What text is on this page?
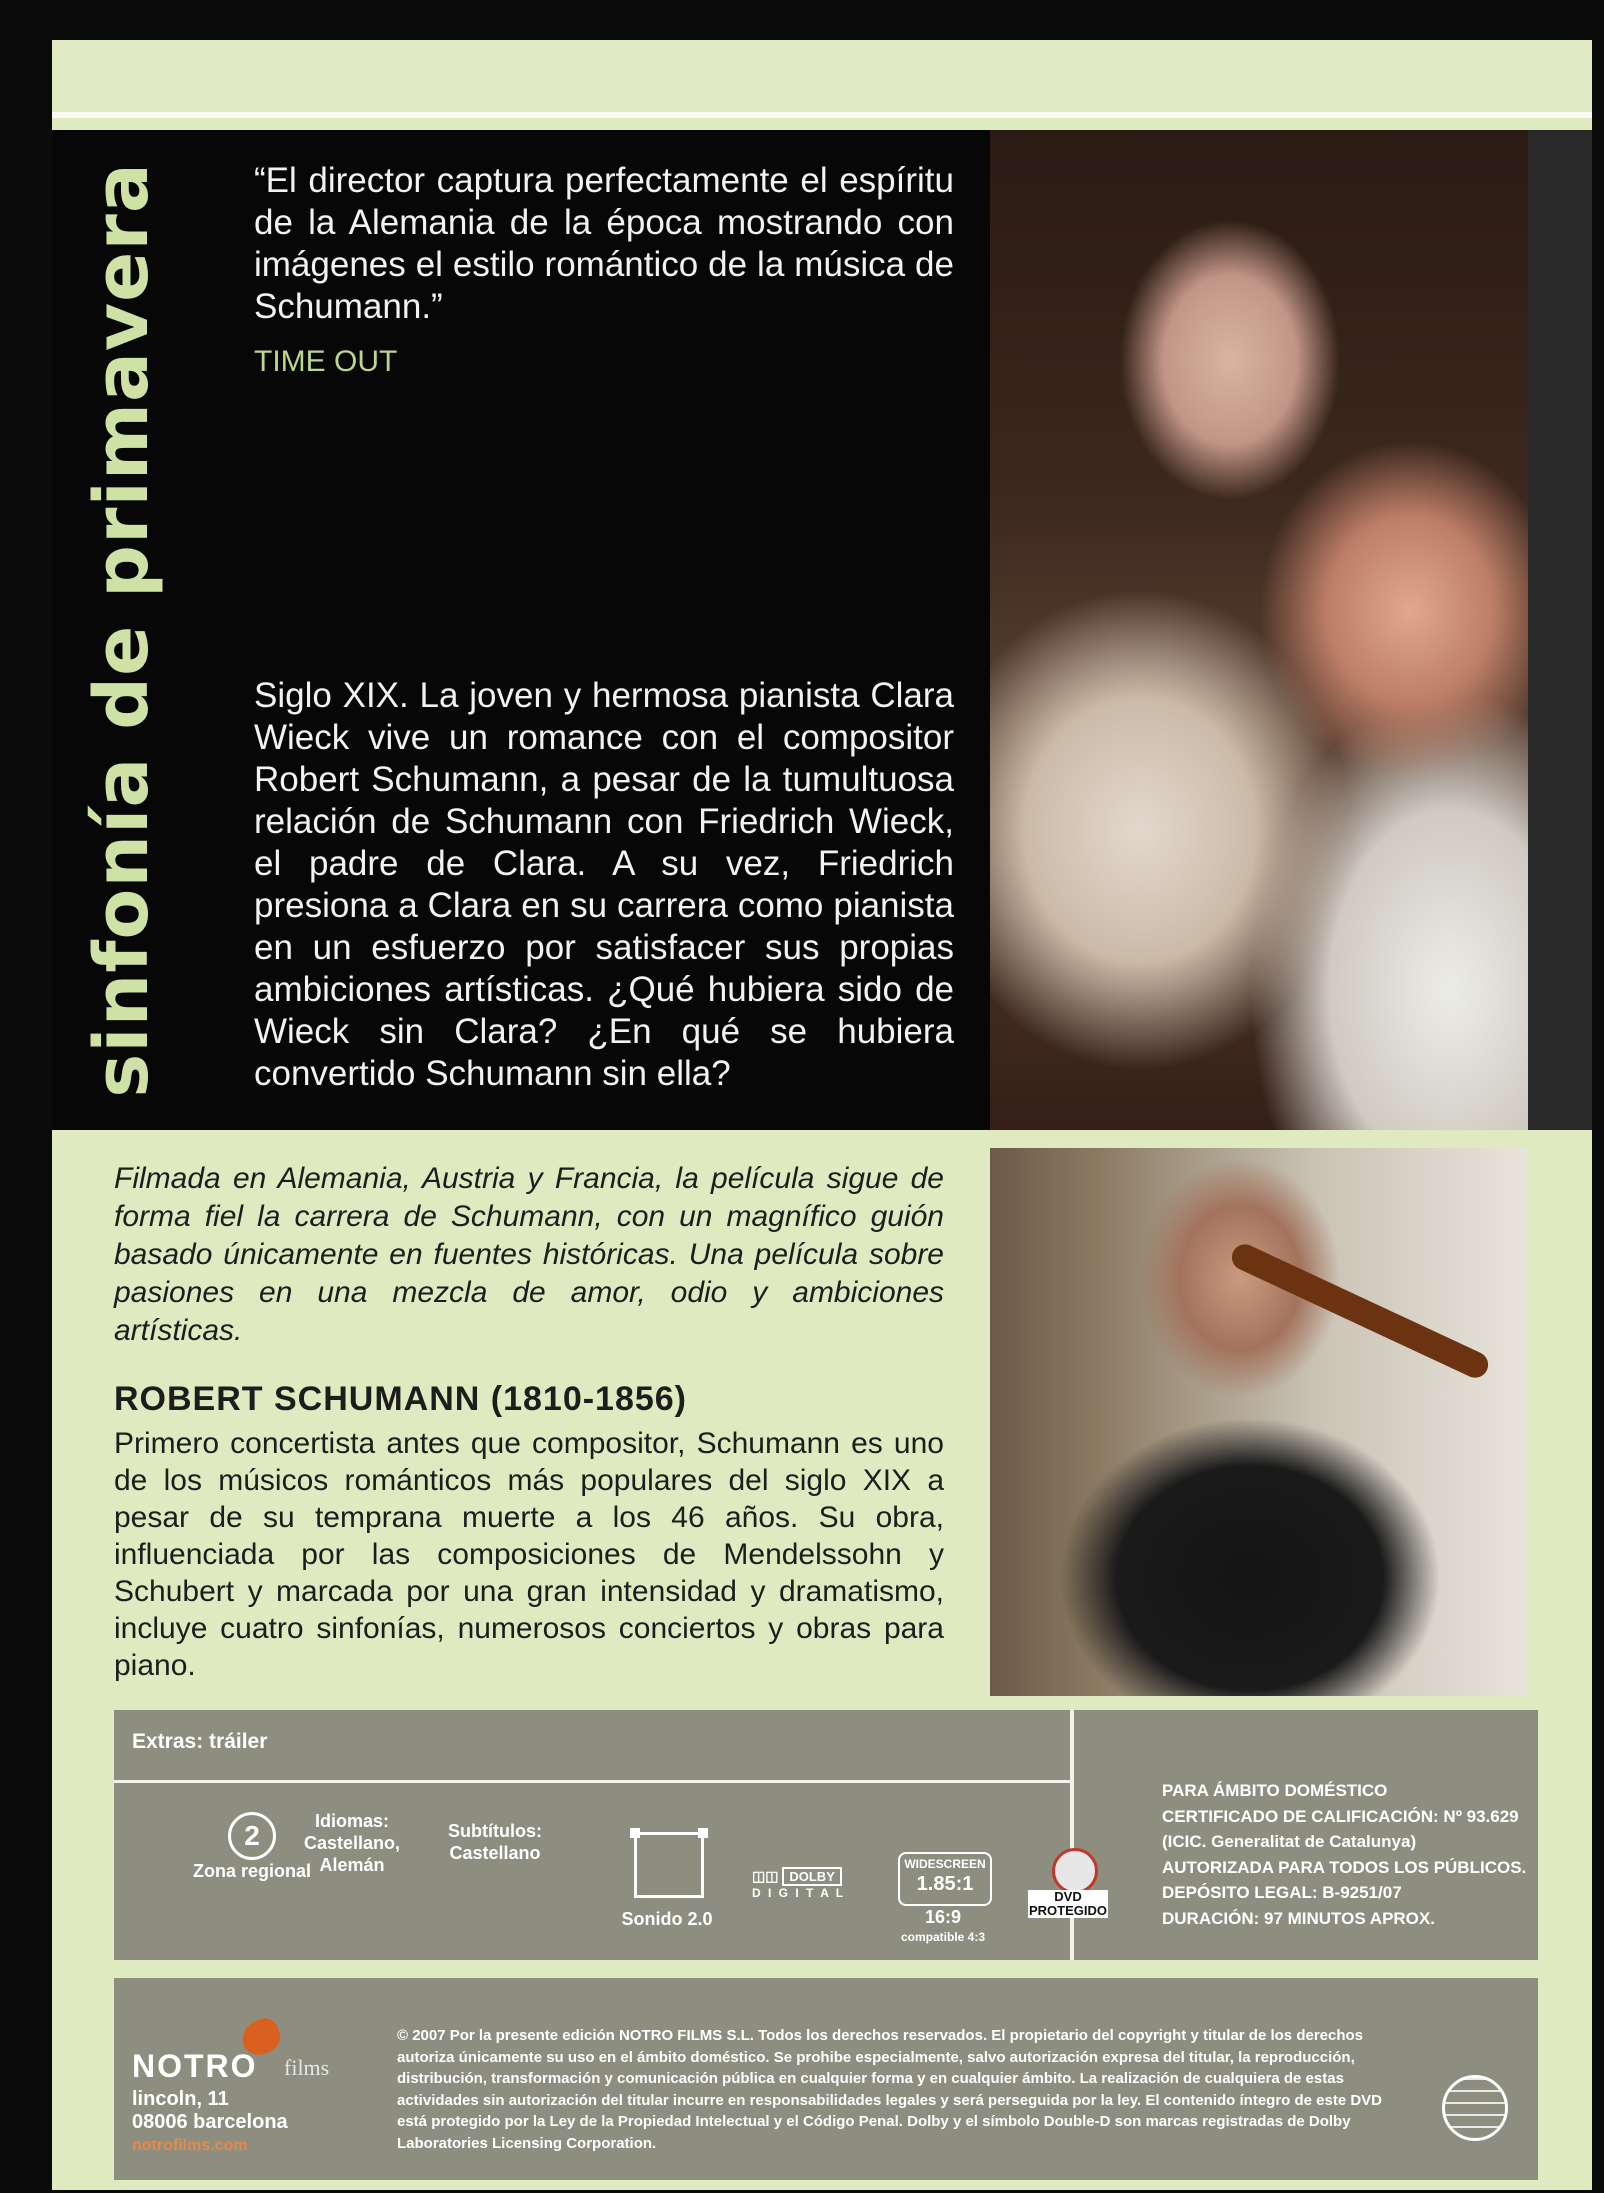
sinfonía de primavera	“El director captura perfectamente el espíritu de la Alemania de la época mostrando con imágenes el estilo romántico de la música de Schumann.”
TIME OUT
Siglo XIX. La joven y hermosa pianista Clara Wieck vive un romance con el compositor Robert Schumann, a pesar de la tumultuosa relación de Schumann con Friedrich Wieck, el padre de Clara. A su vez, Friedrich presiona a Clara en su carrera como pianista en un esfuerzo por satisfacer sus propias ambiciones artísticas. ¿Qué hubiera sido de Wieck sin Clara? ¿En qué se hubiera convertido Schumann sin ella?
Filmada en Alemania, Austria y Francia, la película sigue de forma fiel la carrera de Schumann, con un magnífico guión basado únicamente en fuentes históricas. Una película sobre pasiones en una mezcla de amor, odio y ambiciones artísticas.
ROBERT SCHUMANN (1810-1856)
Primero concertista antes que compositor, Schumann es uno de los músicos románticos más populares del siglo XIX a pesar de su temprana muerte a los 46 años. Su obra, influenciada por las composiciones de Mendelssohn y Schubert y marcada por una gran intensidad y dramatismo, incluye cuatro sinfonías, numerosos conciertos y obras para piano.
Extras: tráiler
2
Zona regional
Idiomas:
Castellano,
Alemán
Subtítulos:
Castellano
Sonido 2.0
◫◫ DOLBY
D I G I T A L
WIDESCREEN
1.85:1
16:9
compatible 4:3
DVD
PROTEGIDO
PARA ÁMBITO DOMÉSTICO
CERTIFICADO DE CALIFICACIÓN: Nº 93.629
(ICIC. Generalitat de Catalunya)
AUTORIZADA PARA TODOS LOS PÚBLICOS.
DEPÓSITO LEGAL: B-9251/07
DURACIÓN: 97 MINUTOS APROX.
NOTRO films
lincoln, 11
08006 barcelona
notrofilms.com
© 2007 Por la presente edición NOTRO FILMS S.L. Todos los derechos reservados. El propietario del copyright y titular de los derechos autoriza únicamente su uso en el ámbito doméstico. Se prohibe especialmente, salvo autorización expresa del titular, la reproducción, distribución, transformación y comunicación pública en cualquier forma y en cualquier ámbito. La realización de cualquiera de estas actividades sin autorización del titular incurre en responsabilidades legales y será perseguida por la ley. El contenido íntegro de este DVD está protegido por la Ley de la Propiedad Intelectual y el Código Penal. Dolby y el símbolo Double-D son marcas registradas de Dolby Laboratories Licensing Corporation.
